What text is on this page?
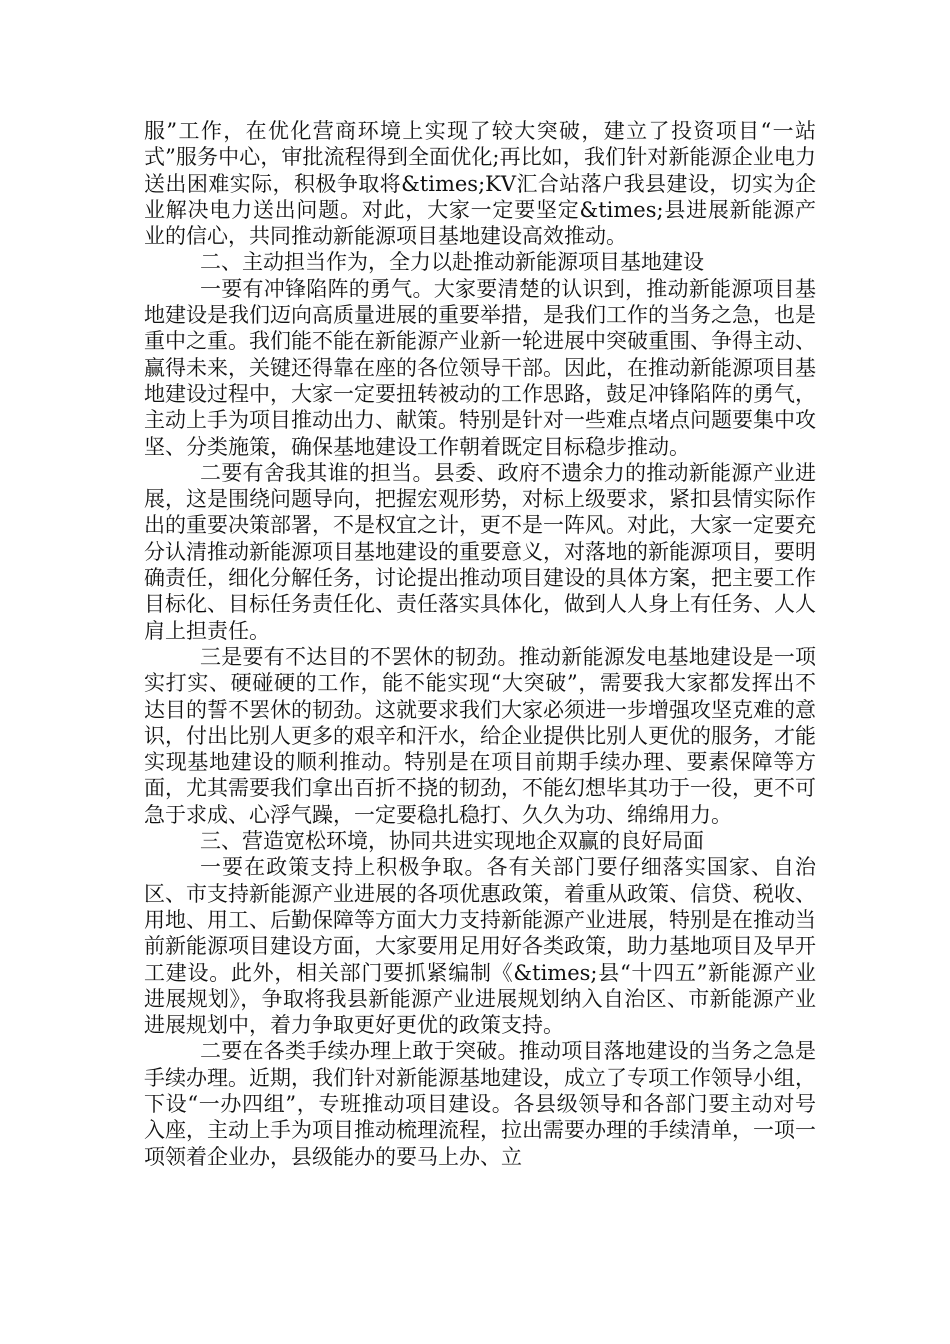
服”工作，在优化营商环境上实现了较大突破，建立了投资项目“一站式”服务中心，审批流程得到全面优化;再比如，我们针对新能源企业电力送出困难实际，积极争取将&times;KV汇合站落户我县建设，切实为企业解决电力送出问题。对此，大家一定要坚定&times;县进展新能源产业的信心，共同推动新能源项目基地建设高效推动。

二、主动担当作为，全力以赴推动新能源项目基地建设

一要有冲锋陷阵的勇气。大家要清楚的认识到，推动新能源项目基地建设是我们迈向高质量进展的重要举措，是我们工作的当务之急，也是重中之重。我们能不能在新能源产业新一轮进展中突破重围、争得主动、赢得未来，关键还得靠在座的各位领导干部。因此，在推动新能源项目基地建设过程中，大家一定要扭转被动的工作思路，鼓足冲锋陷阵的勇气，主动上手为项目推动出力、献策。特别是针对一些难点堵点问题要集中攻坚、分类施策，确保基地建设工作朝着既定目标稳步推动。

二要有舍我其谁的担当。县委、政府不遗余力的推动新能源产业进展，这是围绕问题导向，把握宏观形势，对标上级要求，紧扣县情实际作出的重要决策部署，不是权宜之计，更不是一阵风。对此，大家一定要充分认清推动新能源项目基地建设的重要意义，对落地的新能源项目，要明确责任，细化分解任务，讨论提出推动项目建设的具体方案，把主要工作目标化、目标任务责任化、责任落实具体化，做到人人身上有任务、人人肩上担责任。

三是要有不达目的不罢休的韧劲。推动新能源发电基地建设是一项实打实、硬碰硬的工作，能不能实现“大突破”，需要我大家都发挥出不达目的誓不罢休的韧劲。这就要求我们大家必须进一步增强攻坚克难的意识，付出比别人更多的艰辛和汗水，给企业提供比别人更优的服务，才能实现基地建设的顺利推动。特别是在项目前期手续办理、要素保障等方面，尤其需要我们拿出百折不挠的韧劲，不能幻想毕其功于一役，更不可急于求成、心浮气躁，一定要稳扎稳打、久久为功、绵绵用力。

三、营造宽松环境，协同共进实现地企双赢的良好局面

一要在政策支持上积极争取。各有关部门要仔细落实国家、自治区、市支持新能源产业进展的各项优惠政策，着重从政策、信贷、税收、用地、用工、后勤保障等方面大力支持新能源产业进展，特别是在推动当前新能源项目建设方面，大家要用足用好各类政策，助力基地项目及早开工建设。此外，相关部门要抓紧编制《&times;县“十四五”新能源产业进展规划》，争取将我县新能源产业进展规划纳入自治区、市新能源产业进展规划中，着力争取更好更优的政策支持。

二要在各类手续办理上敢于突破。推动项目落地建设的当务之急是手续办理。近期，我们针对新能源基地建设，成立了专项工作领导小组，下设“一办四组”，专班推动项目建设。各县级领导和各部门要主动对号入座，主动上手为项目推动梳理流程，拉出需要办理的手续清单，一项一项领着企业办，县级能办的要马上办、立
